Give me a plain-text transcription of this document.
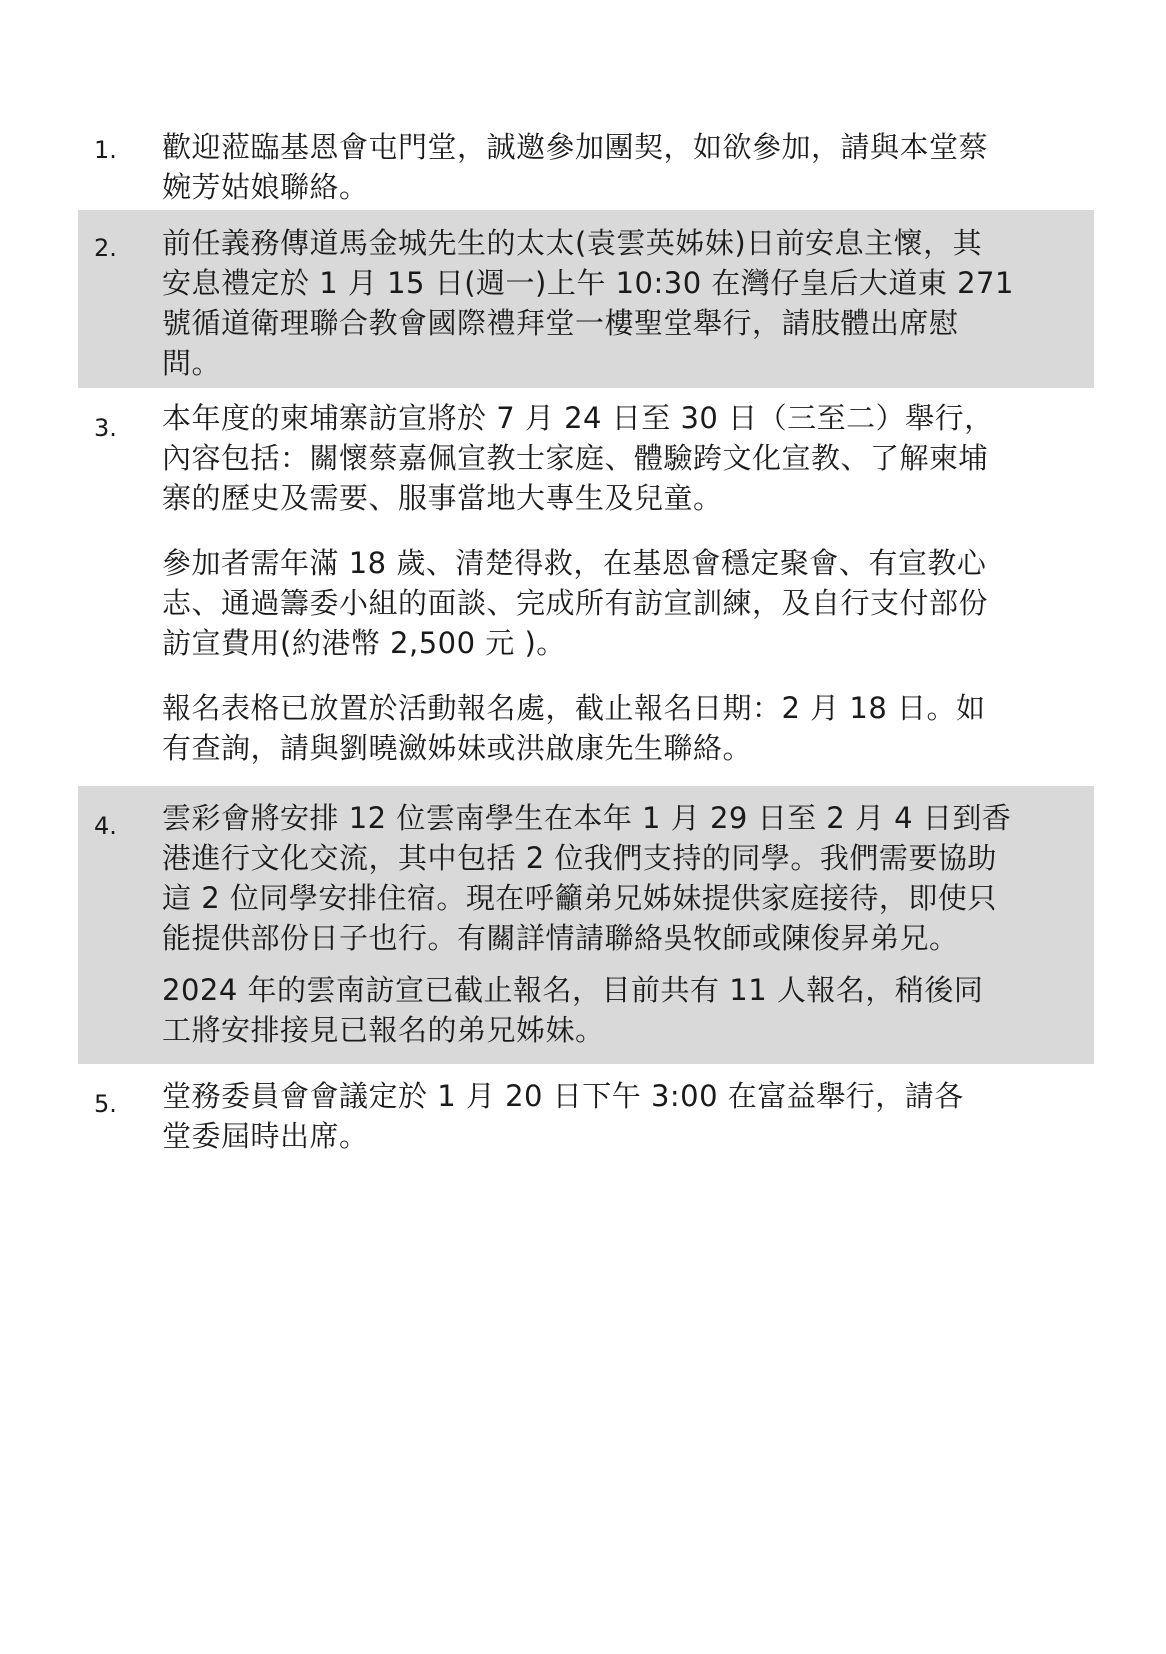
1. 歡迎蒞臨基恩會屯門堂，誠邀參加團契，如欲參加，請與本堂蔡
婉芳姑娘聯絡。

2. 前任義務傳道馬金城先生的太太(袁雲英姊妹)日前安息主懷，其
安息禮定於 1 月 15 日(週一)上午 10:30 在灣仔皇后大道東 271
號循道衛理聯合教會國際禮拜堂一樓聖堂舉行，請肢體出席慰
問。

3. 本年度的柬埔寨訪宣將於 7 月 24 日至 30 日（三至二）舉行，
內容包括：關懷蔡嘉佩宣教士家庭、體驗跨文化宣教、了解柬埔
寨的歷史及需要、服事當地大專生及兒童。

參加者需年滿 18 歲、清楚得救，在基恩會穩定聚會、有宣教心
志、通過籌委小組的面談、完成所有訪宣訓練，及自行支付部份
訪宣費用(約港幣 2,500 元 )。

報名表格已放置於活動報名處，截止報名日期：2 月 18 日。如
有查詢，請與劉曉瀲姊妹或洪啟康先生聯絡。

4. 雲彩會將安排 12 位雲南學生在本年 1 月 29 日至 2 月 4 日到香
港進行文化交流，其中包括 2 位我們支持的同學。我們需要協助
這 2 位同學安排住宿。現在呼籲弟兄姊妹提供家庭接待，即使只
能提供部份日子也行。有關詳情請聯絡吳牧師或陳俊昇弟兄。

2024 年的雲南訪宣已截止報名，目前共有 11 人報名，稍後同
工將安排接見已報名的弟兄姊妹。

5. 堂務委員會會議定於 1 月 20 日下午 3:00 在富益舉行，請各
堂委屆時出席。
